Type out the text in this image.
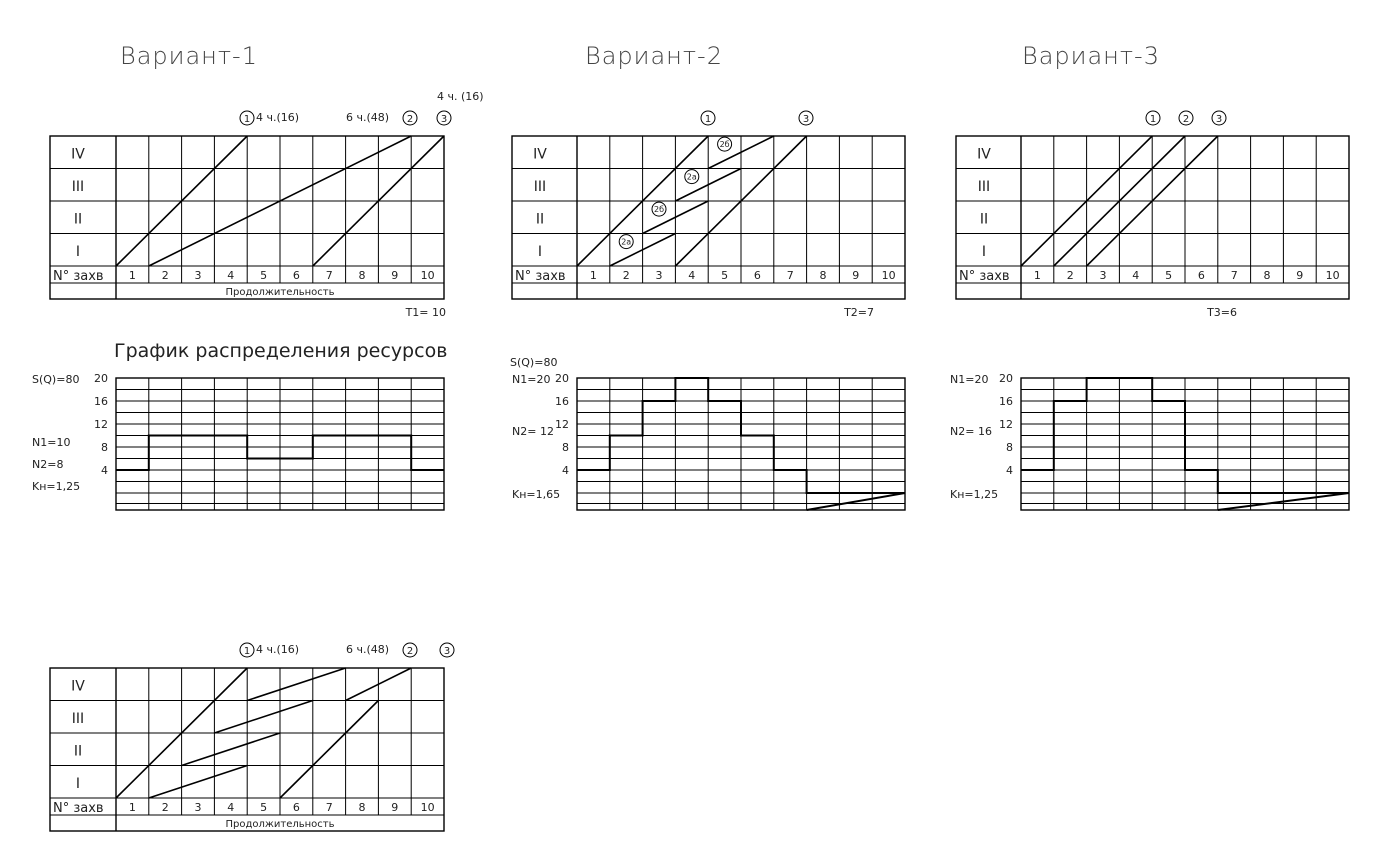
Вариант-1	Вариант-2	Вариант-3
1 4 ч.(16)	6 ч.(48) 2
4 ч. (16)
3	1	3	1	2	3
IV
III
II
I
N° захв 1 2 3 4 5 6 7 8 9 10
Продолжительность
IV
III
II
I
N° захв 1 2 3 4 5 6 7 8 9 10
2a
2б
2a
2б
IV
III
II
I
N° захв 1 2 3 4 5 6 7 8 9 10
IV
III
II
I
N° захв 1 2 3 4 5 6 7 8 9 10
Продолжительность
T1= 10	T2=7	T3=6
График распределения ресурсов
S(Q)=80
N1=10
N2=8
Kн=1,25
S(Q)=80
N1=20
N2= 12
Kн=1,65
N1=20
N2= 16
Kн=1,25
20
16
12
8
4
20
16
12
8
4
20
16
12
8
4
1 4 ч.(16)	6 ч.(48) 2	3
